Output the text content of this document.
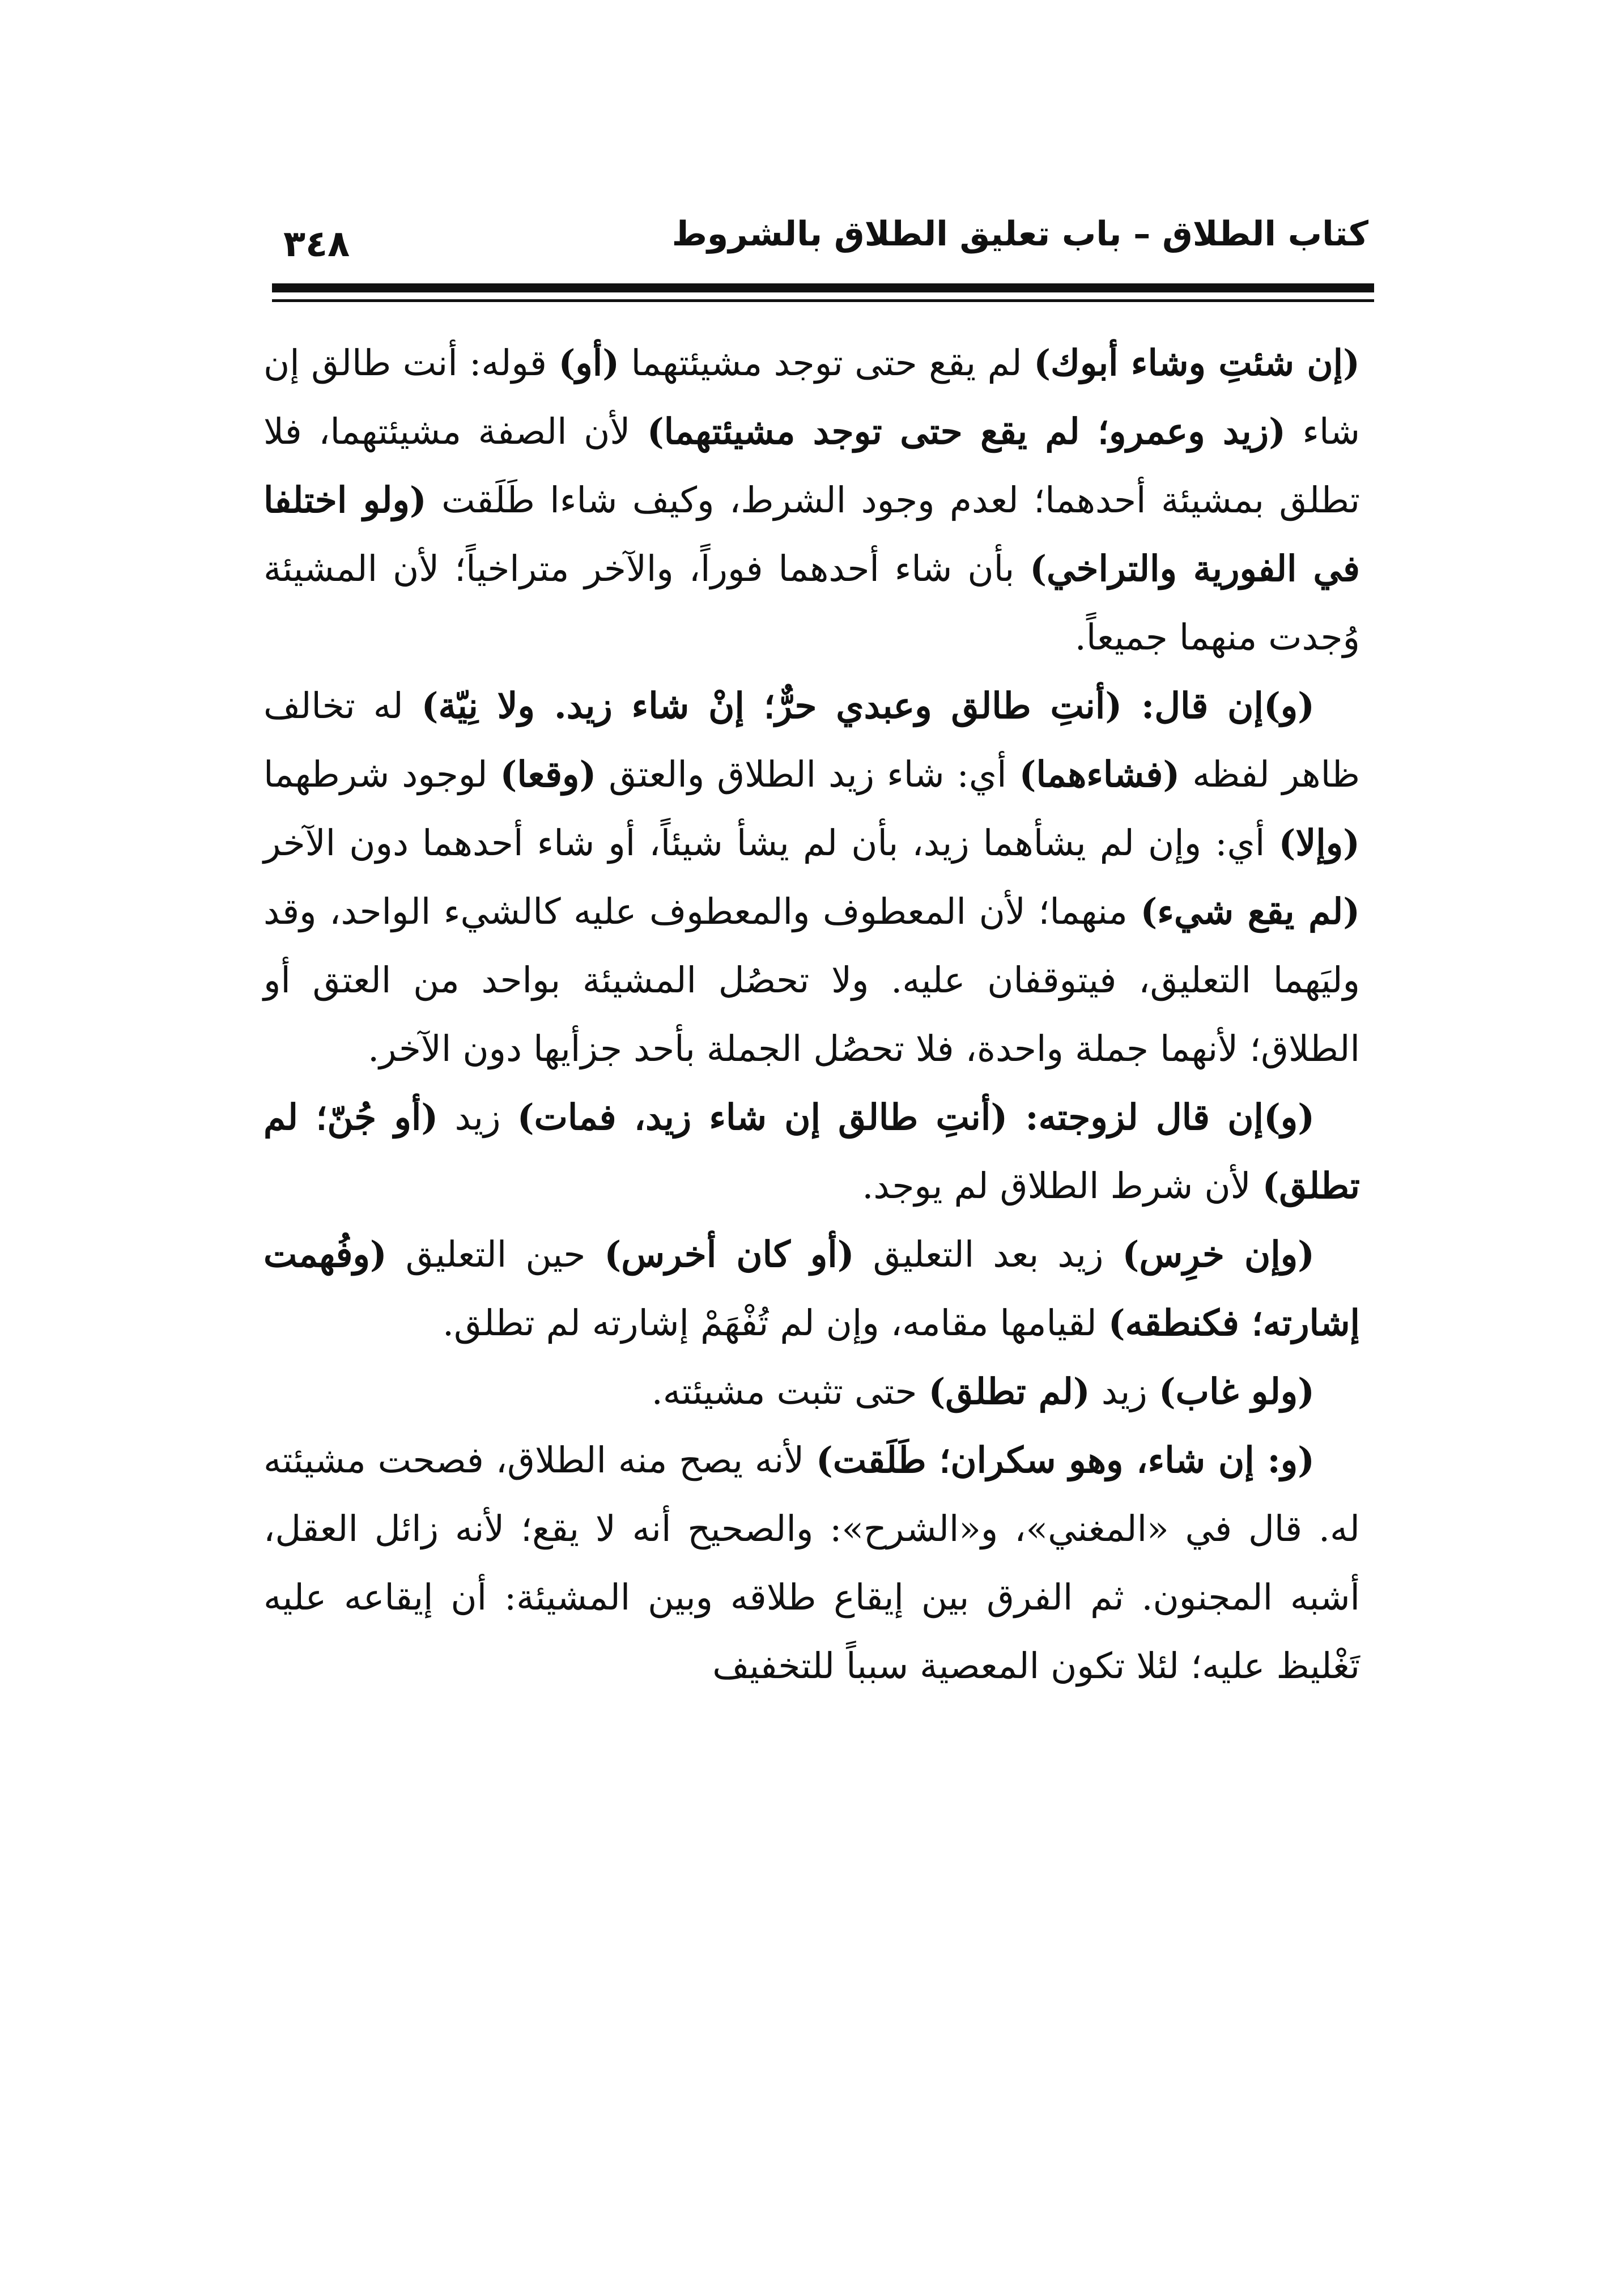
٣٤٨	كتاب الطلاق – باب تعليق الطلاق بالشروط

(إن شئتِ وشاء أبوك) لم يقع حتى توجد مشيئتهما (أو) قوله: أنت طالق إن شاء (زيد وعمرو؛ لم يقع حتى توجد مشيئتهما) لأن الصفة مشيئتهما، فلا تطلق بمشيئة أحدهما؛ لعدم وجود الشرط، وكيف شاءا طَلَقت (ولو اختلفا في الفورية والتراخي) بأن شاء أحدهما فوراً، والآخر متراخياً؛ لأن المشيئة وُجدت منهما جميعاً.

(و)إن قال: (أنتِ طالق وعبدي حرٌّ؛ إنْ شاء زيد. ولا نِيّة) له تخالف ظاهر لفظه (فشاءهما) أي: شاء زيد الطلاق والعتق (وقعا) لوجود شرطهما (وإلا) أي: وإن لم يشأهما زيد، بأن لم يشأ شيئاً، أو شاء أحدهما دون الآخر (لم يقع شيء) منهما؛ لأن المعطوف والمعطوف عليه كالشيء الواحد، وقد وليَهما التعليق، فيتوقفان عليه. ولا تحصُل المشيئة بواحد من العتق أو الطلاق؛ لأنهما جملة واحدة، فلا تحصُل الجملة بأحد جزأيها دون الآخر.

(و)إن قال لزوجته: (أنتِ طالق إن شاء زيد، فمات) زيد (أو جُنّ؛ لم تطلق) لأن شرط الطلاق لم يوجد.

(وإن خرِس) زيد بعد التعليق (أو كان أخرس) حين التعليق (وفُهمت إشارته؛ فكنطقه) لقيامها مقامه، وإن لم تُفْهَمْ إشارته لم تطلق.

(ولو غاب) زيد (لم تطلق) حتى تثبت مشيئته.

(و: إن شاء، وهو سكران؛ طَلَقت) لأنه يصح منه الطلاق، فصحت مشيئته له. قال في «المغني»، و«الشرح»: والصحيح أنه لا يقع؛ لأنه زائل العقل، أشبه المجنون. ثم الفرق بين إيقاع طلاقه وبين المشيئة: أن إيقاعه عليه تَغْليظ عليه؛ لئلا تكون المعصية سبباً للتخفيف
